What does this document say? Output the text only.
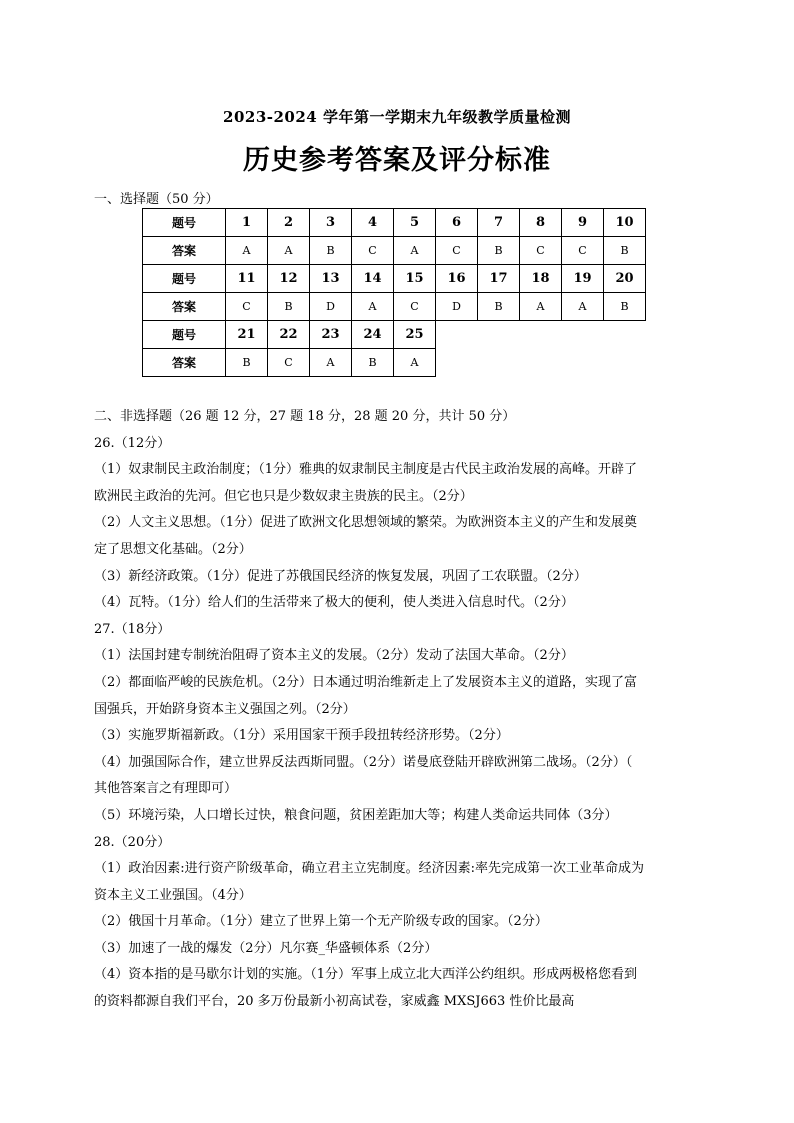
2023-2024 学年第一学期末九年级教学质量检测
历史参考答案及评分标准
一、选择题（50 分）
题号	1	2	3	4	5	6	7	8	9	10
答案	A	A	B	C	A	C	B	C	C	B
题号	11	12	13	14	15	16	17	18	19	20
答案	C	B	D	A	C	D	B	A	A	B
题号	21	22	23	24	25					
答案	B	C	A	B	A					

二、非选择题（26 题 12 分，27 题 18 分，28 题 20 分，共计 50 分）

26.（12分）

（1）奴隶制民主政治制度；（1分）雅典的奴隶制民主制度是古代民主政治发展的高峰。开辟了

欧洲民主政治的先河。但它也只是少数奴隶主贵族的民主。（2分）

（2）人文主义思想。（1分）促进了欧洲文化思想领域的繁荣。为欧洲资本主义的产生和发展奠

定了思想文化基础。（2分）

（3）新经济政策。（1分）促进了苏俄国民经济的恢复发展，巩固了工农联盟。（2分）

（4）瓦特。（1分）给人们的生活带来了极大的便利，使人类进入信息时代。（2分）

27.（18分）

（1）法国封建专制统治阻碍了资本主义的发展。（2分）发动了法国大革命。（2分）

（2）都面临严峻的民族危机。（2分）日本通过明治维新走上了发展资本主义的道路，实现了富

国强兵，开始跻身资本主义强国之列。（2分）

（3）实施罗斯福新政。（1分）采用国家干预手段扭转经济形势。（2分）

（4）加强国际合作，建立世界反法西斯同盟。（2分）诺曼底登陆开辟欧洲第二战场。（2分）（

其他答案言之有理即可）

（5）环境污染，人口增长过快，粮食问题，贫困差距加大等；构建人类命运共同体（3分）

28.（20分）

（1）政治因素:进行资产阶级革命，确立君主立宪制度。经济因素:率先完成第一次工业革命成为

资本主义工业强国。（4分）

（2）俄国十月革命。（1分）建立了世界上第一个无产阶级专政的国家。（2分）

（3）加速了一战的爆发（2分）凡尔赛_华盛顿体系（2分）

（4）资本指的是马歇尔计划的实施。（1分）军事上成立北大西洋公约组织。形成两极格您看到

的资料都源自我们平台，20 多万份最新小初高试卷，家威鑫 MXSJ663 性价比最高
